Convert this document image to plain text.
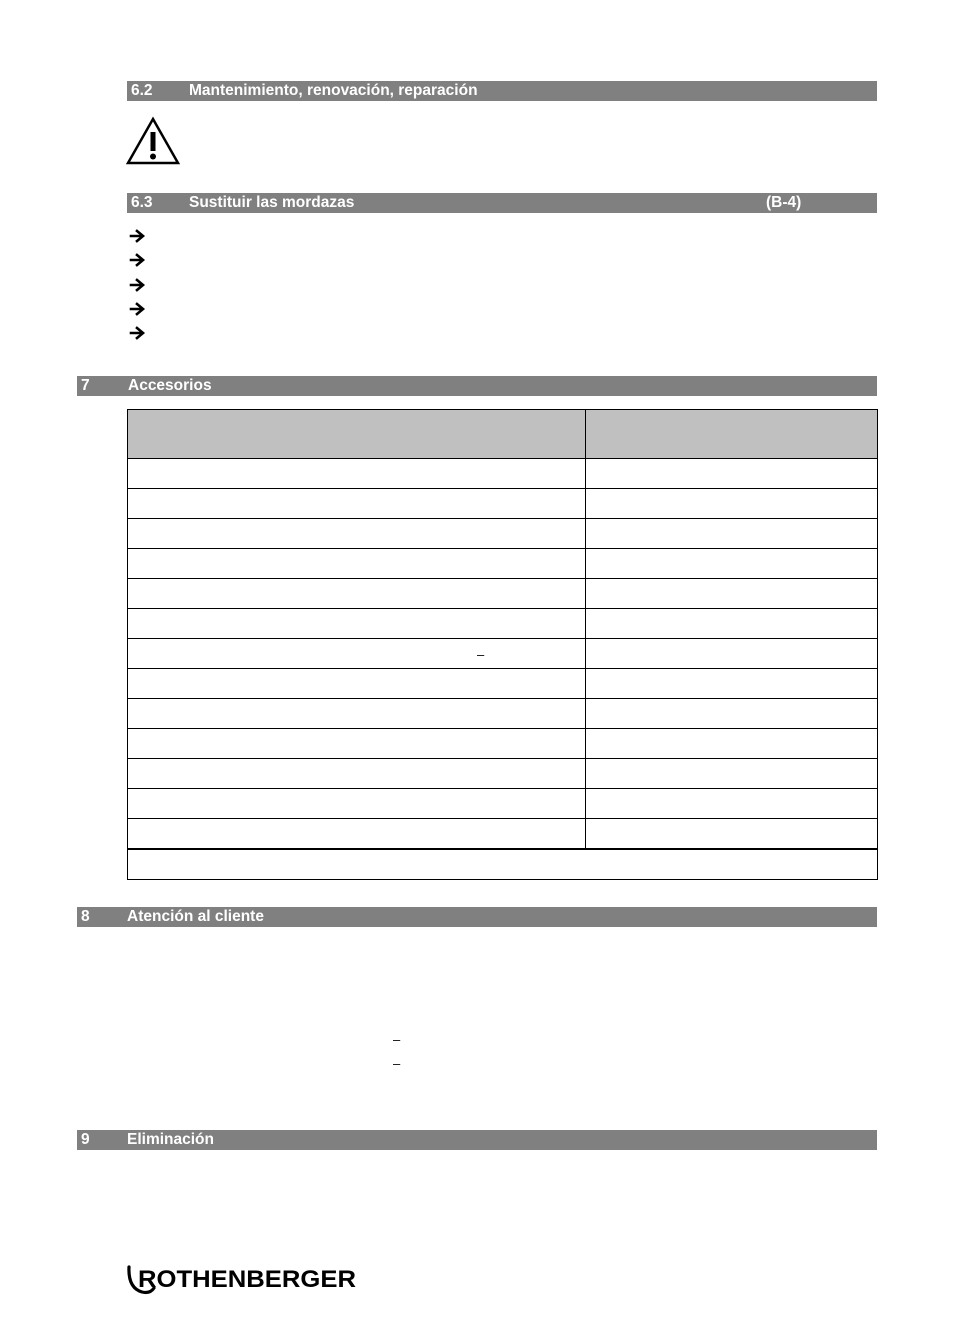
6.2 Mantenimiento, renovación, reparación
6.3 Sustituir las mordazas	(B-4)
7 Accesorios

–
8 Atención al cliente
–
–
9 Eliminación
ROTHENBERGER
